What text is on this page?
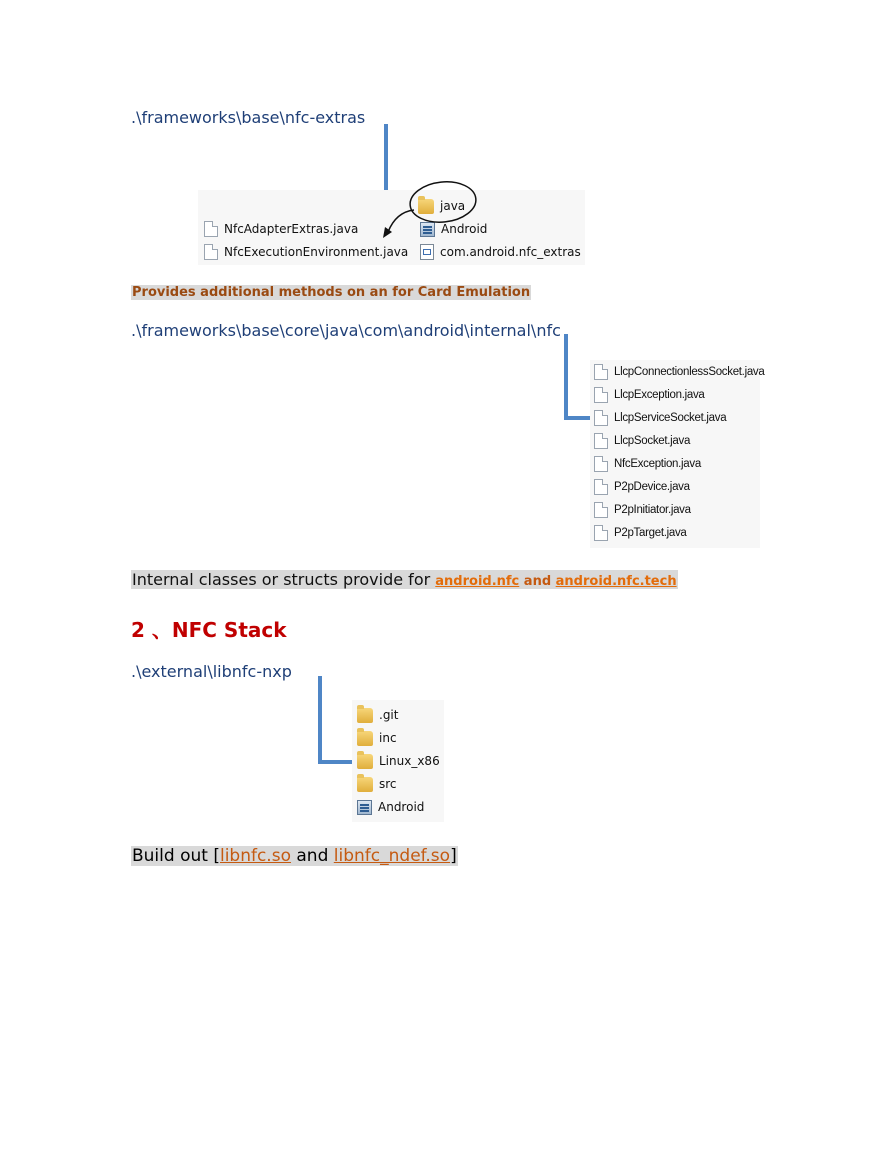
.\frameworks\base\nfc-extras
java
NfcAdapterExtras.java
NfcExecutionEnvironment.java
Android
com.android.nfc_extras
Provides additional methods on an for Card Emulation
.\frameworks\base\core\java\com\android\internal\nfc
LlcpConnectionlessSocket.java
LlcpException.java
LlcpServiceSocket.java
LlcpSocket.java
NfcException.java
P2pDevice.java
P2pInitiator.java
P2pTarget.java
Internal classes or structs provide for android.nfc and android.nfc.tech
2 、NFC Stack
.\external\libnfc-nxp
.git
inc
Linux_x86
src
Android
Build out [libnfc.so and libnfc_ndef.so]
